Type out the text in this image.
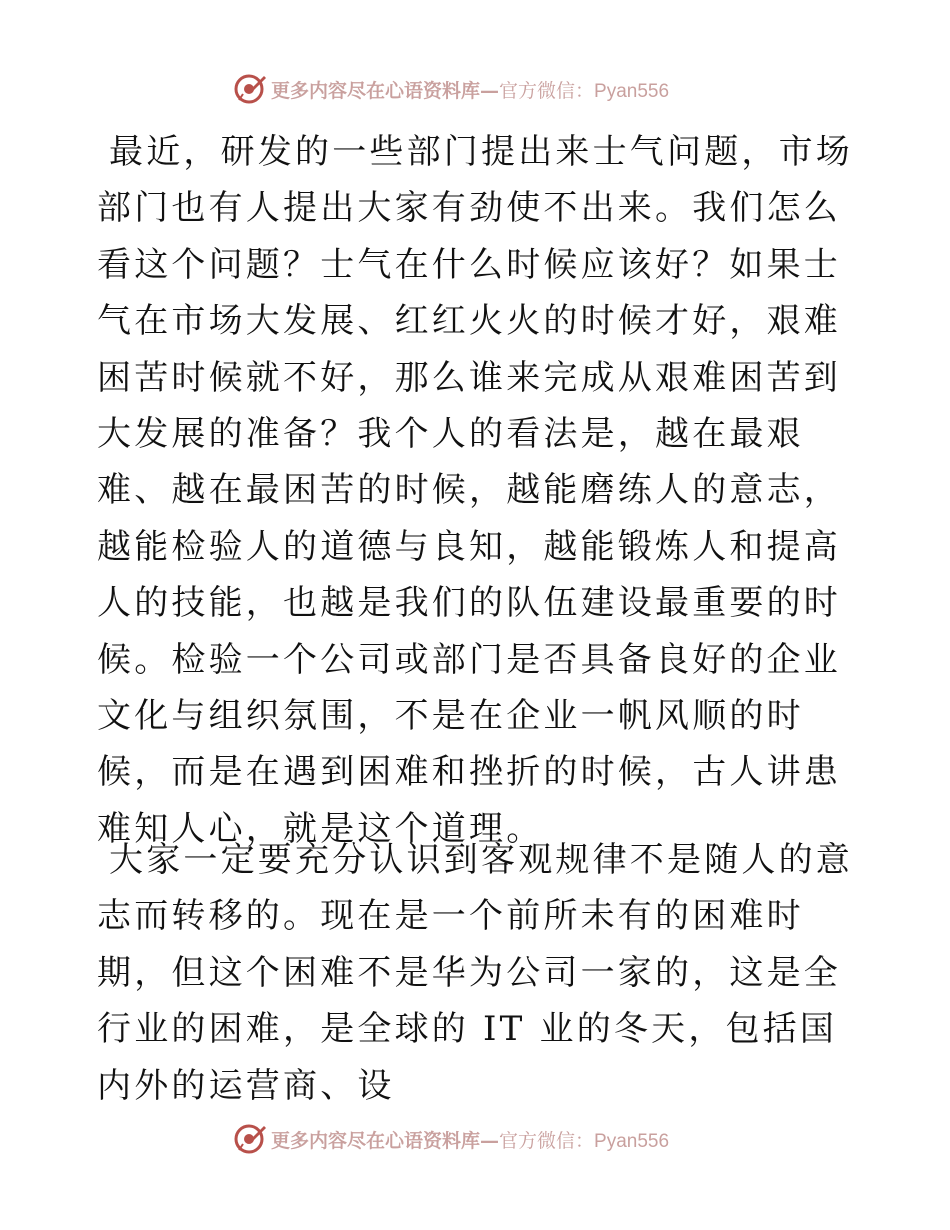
更多内容尽在心语资料库— 官方微信：Pyan556

最近，研发的一些部门提出来士气问题，市场部门也有人提出大家有劲使不出来。我们怎么看这个问题？士气在什么时候应该好？如果士气在市场大发展、红红火火的时候才好，艰难困苦时候就不好，那么谁来完成从艰难困苦到大发展的准备？我个人的看法是，越在最艰难、越在最困苦的时候，越能磨练人的意志，越能检验人的道德与良知，越能锻炼人和提高人的技能，也越是我们的队伍建设最重要的时候。检验一个公司或部门是否具备良好的企业文化与组织氛围，不是在企业一帆风顺的时候，而是在遇到困难和挫折的时候，古人讲患难知人心，就是这个道理。

大家一定要充分认识到客观规律不是随人的意志而转移的。现在是一个前所未有的困难时期，但这个困难不是华为公司一家的，这是全行业的困难，是全球的 IT 业的冬天，包括国内外的运营商、设

更多内容尽在心语资料库— 官方微信：Pyan556
